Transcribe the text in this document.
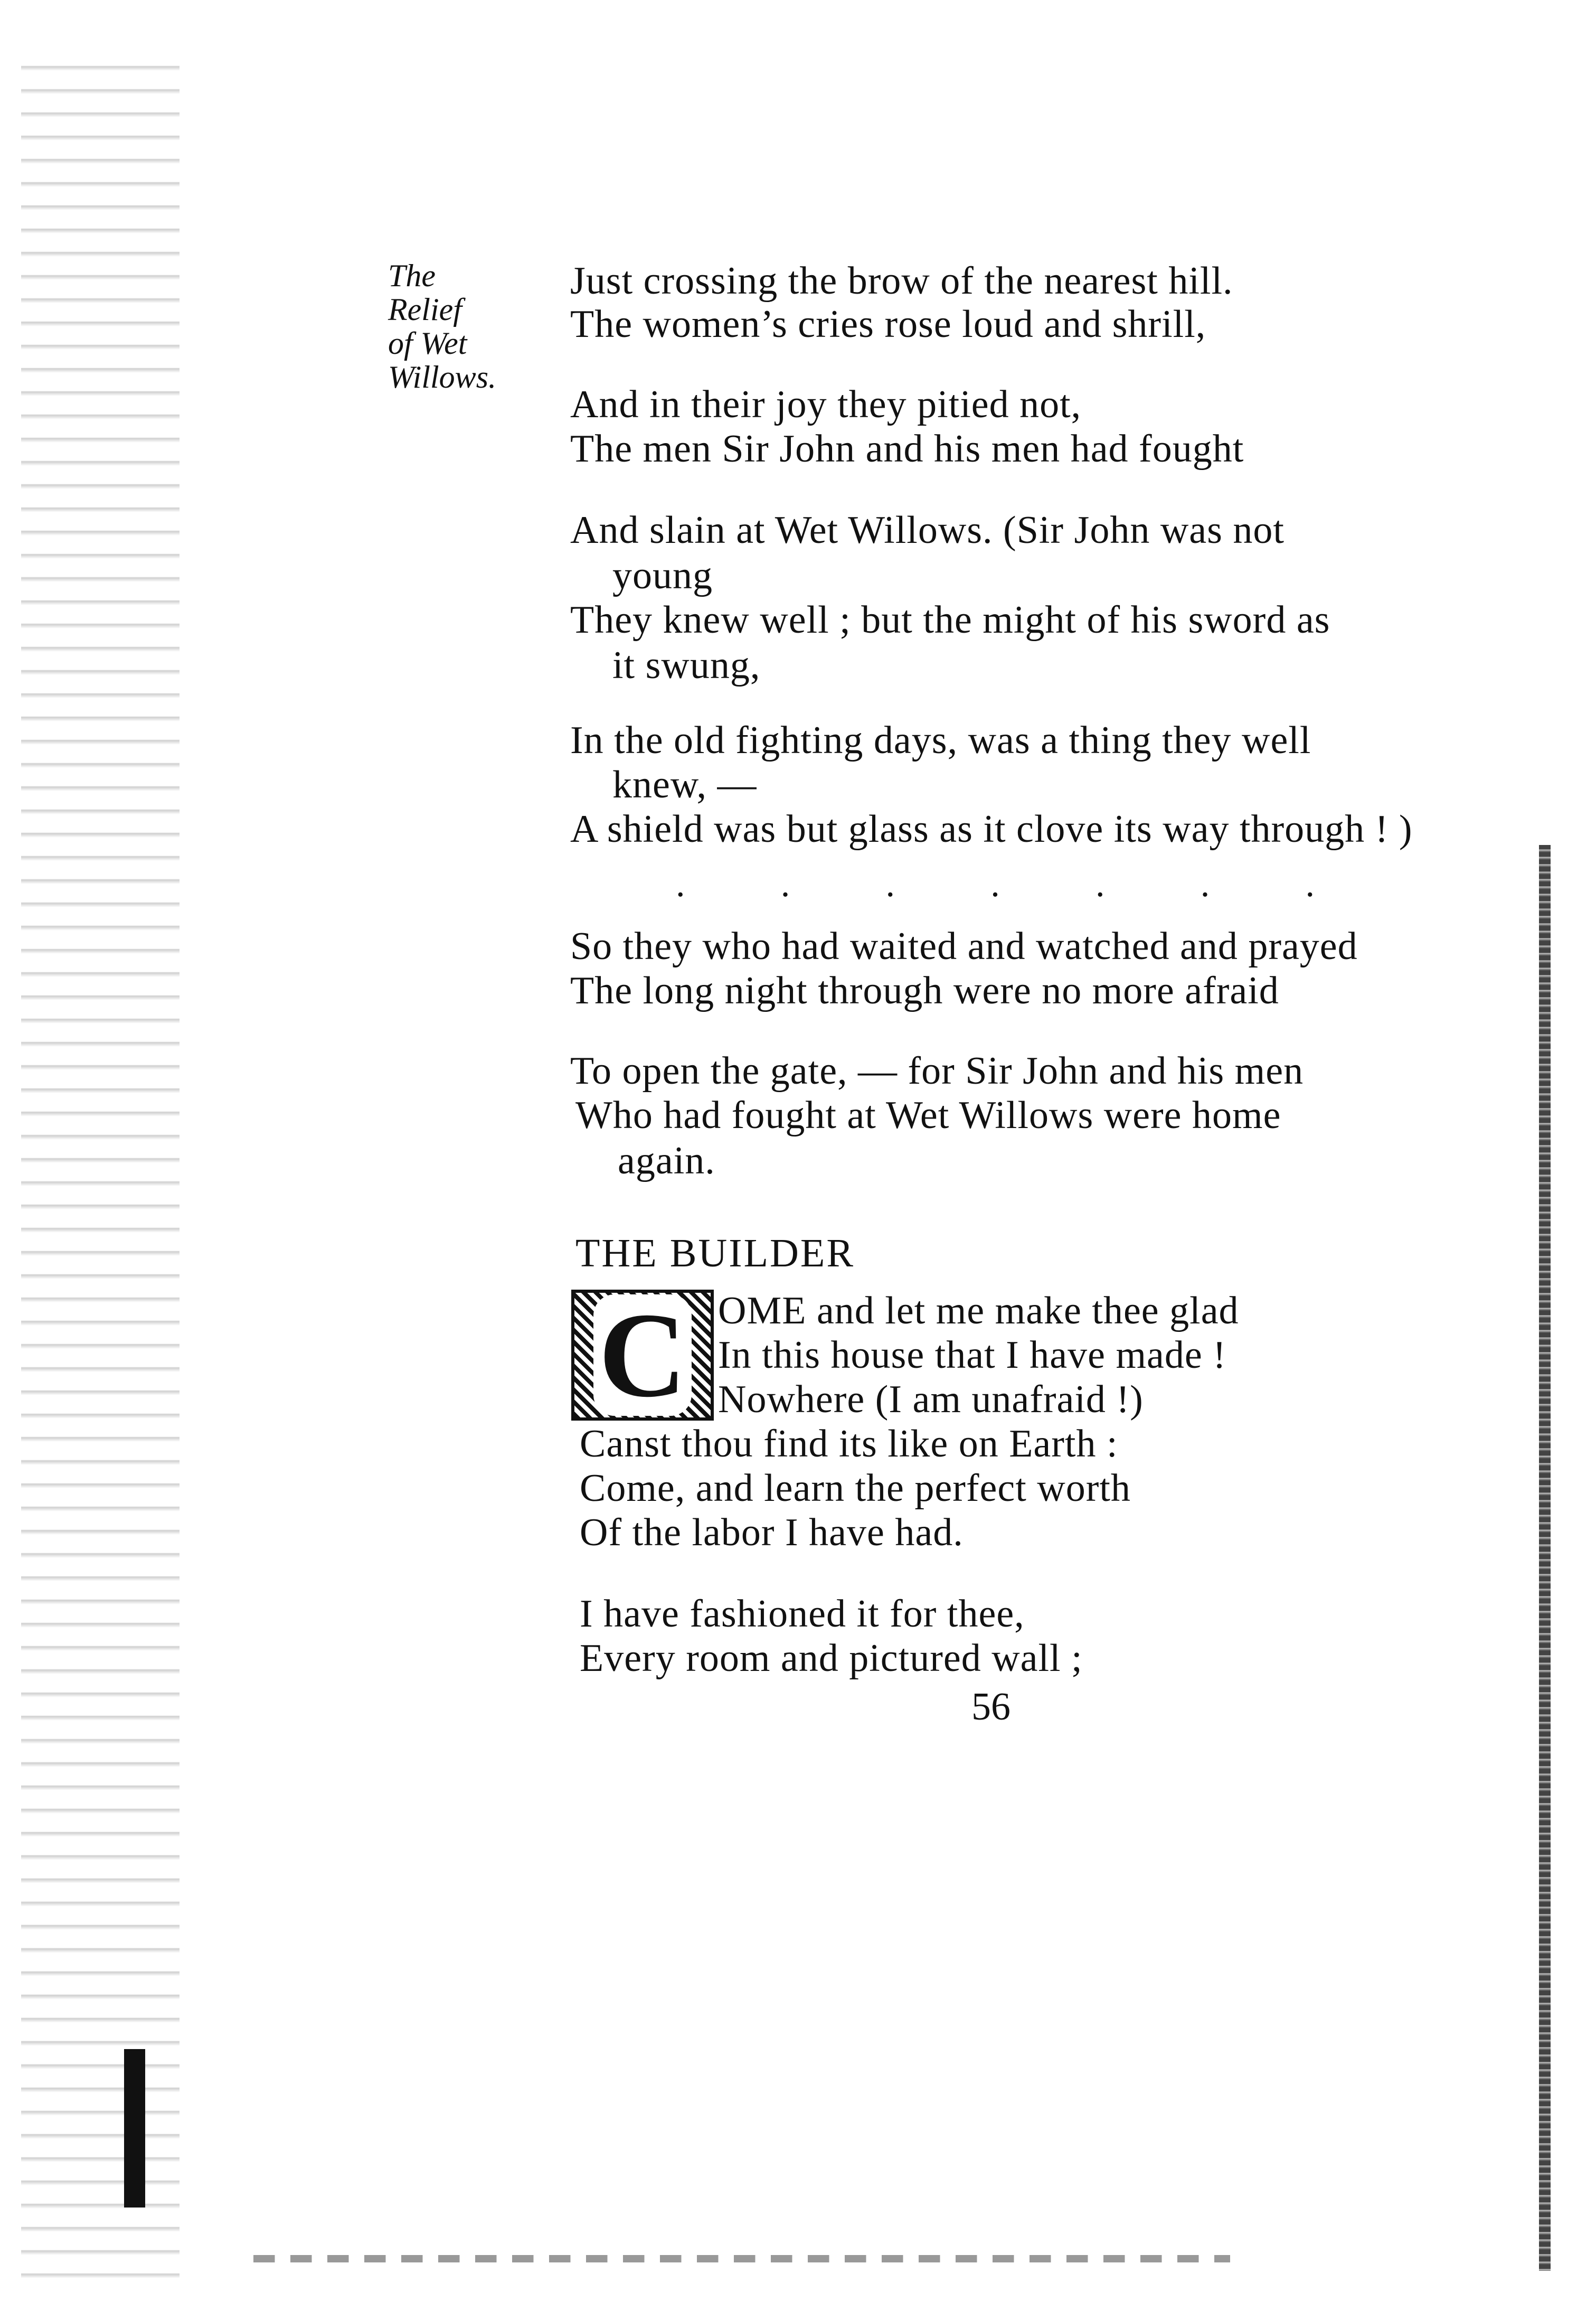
The
Relief
of Wet
Willows.
Just crossing the brow of the nearest hill.
The women’s cries rose loud and shrill,
And in their joy they pitied not,
The men Sir John and his men had fought
And slain at Wet Willows. (Sir John was not
young
They knew well ; but the might of his sword as
it swung,
In the old fighting days, was a thing they well
knew, —
A shield was but glass as it clove its way through ! )
.	.	.	.	.	.	.
So they who had waited and watched and prayed
The long night through were no more afraid
To open the gate, — for Sir John and his men
Who had fought at Wet Willows were home
again.
THE BUILDER
C OME and let me make thee glad
In this house that I have made !
Nowhere (I am unafraid !)
Canst thou find its like on Earth :
Come, and learn the perfect worth
Of the labor I have had.
I have fashioned it for thee,
Every room and pictured wall ;
56
